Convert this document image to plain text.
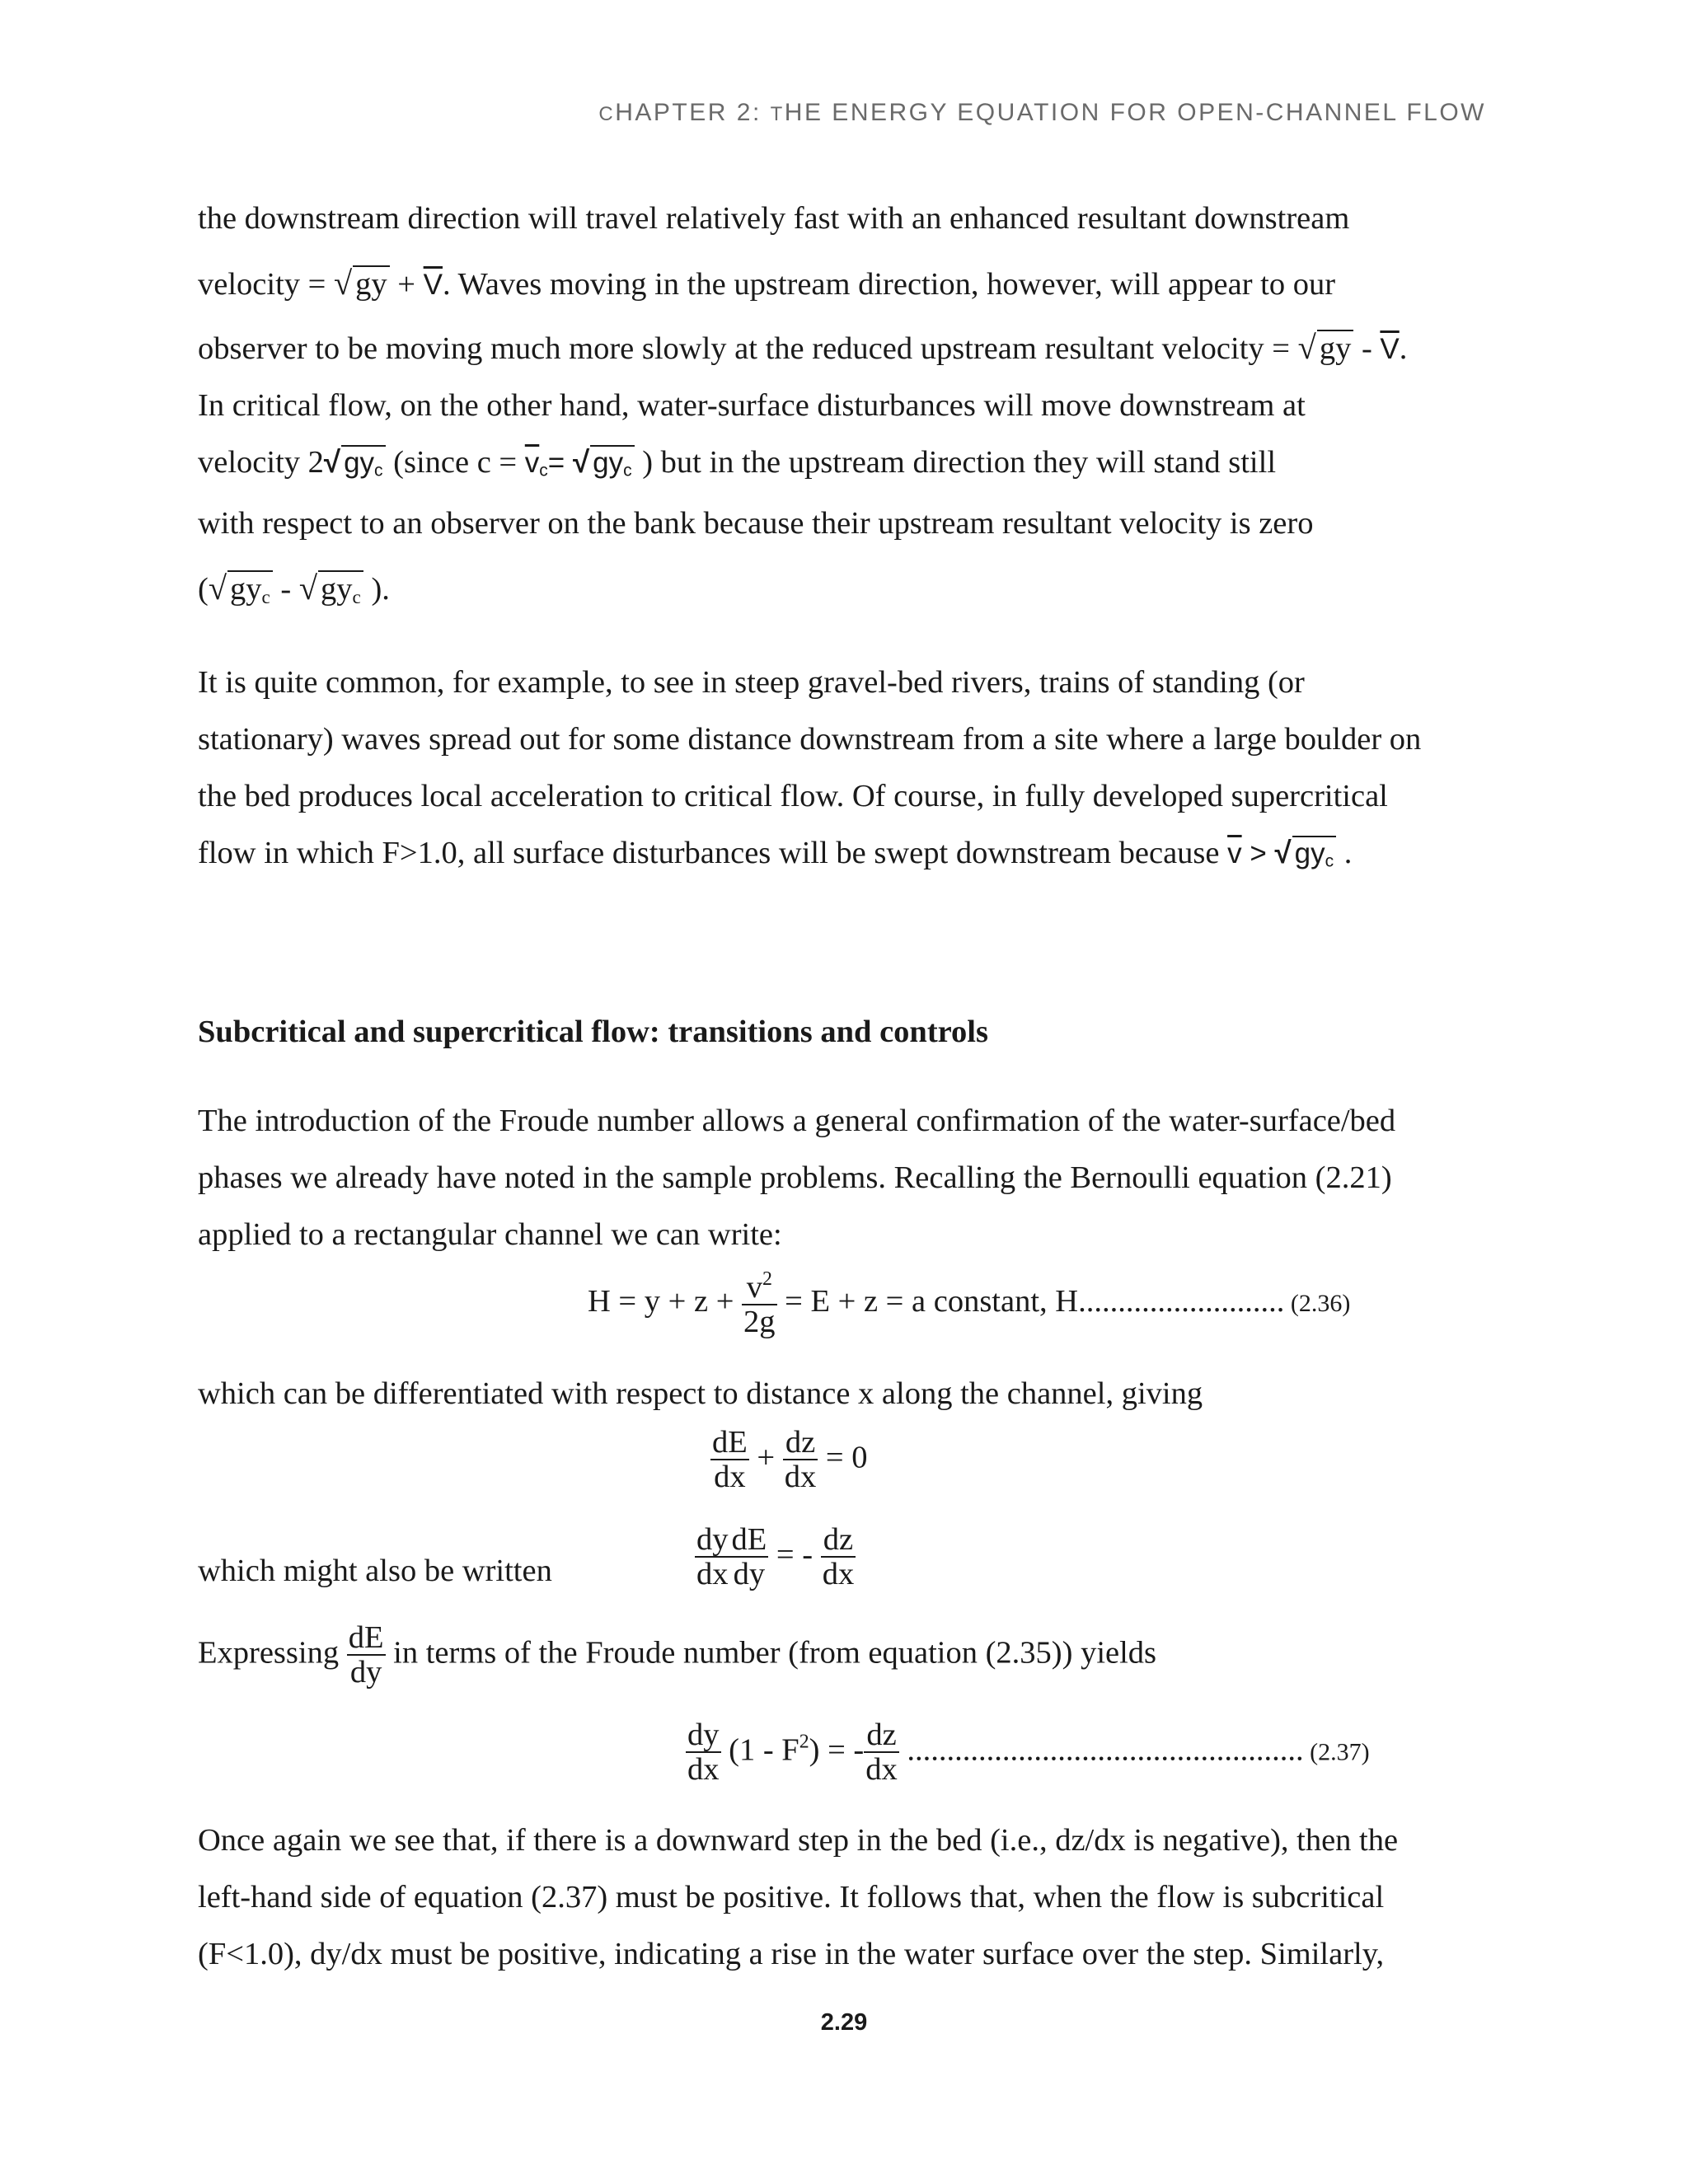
CHAPTER 2: THE ENERGY EQUATION FOR OPEN-CHANNEL FLOW
the downstream direction will travel relatively fast with an enhanced resultant downstream
velocity = √ gy + $\overline{V}$. Waves moving in the upstream direction, however, will appear to our
observer to be moving much more slowly at the reduced upstream resultant velocity = √ gy - $\overline{V}$.
In critical flow, on the other hand, water-surface disturbances will move downstream at
velocity 2√ $gy_c$ (since $c = \overline{v}_c=$ √ $gy_c$ ) but in the upstream direction they will stand still
with respect to an observer on the bank because their upstream resultant velocity is zero
(√ $gy_c$ - √ $gy_c$ ).
It is quite common, for example, to see in steep gravel-bed rivers, trains of standing (or
stationary) waves spread out for some distance downstream from a site where a large boulder on
the bed produces local acceleration to critical flow. Of course, in fully developed supercritical
flow in which F>1.0, all surface disturbances will be swept downstream because $\overline{v}$ > √ $gy_c$ .
Subcritical and supercritical flow: transitions and controls
The introduction of the Froude number allows a general confirmation of the water-surface/bed
phases we already have noted in the sample problems. Recalling the Bernoulli equation (2.21)
applied to a rectangular channel we can write:
$H = y + z + \frac{v^2}{2g} = E + z = a$ constant, H.......................... (2.36)
which can be differentiated with respect to distance x along the channel, giving
$\frac{dE}{dx} + \frac{dz}{dx} = 0$
which might also be written	$\frac{dy}{dx} \frac{dE}{dy}$ = - $\frac{dz}{dx}$
Expressing $\frac{dE}{dy}$ in terms of the Froude number (from equation (2.35)) yields
$\frac{dy}{dx} (1 - F^2)$ = - $\frac{dz}{dx}$ .................................................. (2.37)
Once again we see that, if there is a downward step in the bed (i.e., dz/dx is negative), then the
left-hand side of equation (2.37) must be positive. It follows that, when the flow is subcritical
(F<1.0), dy/dx must be positive, indicating a rise in the water surface over the step. Similarly,
2.29
